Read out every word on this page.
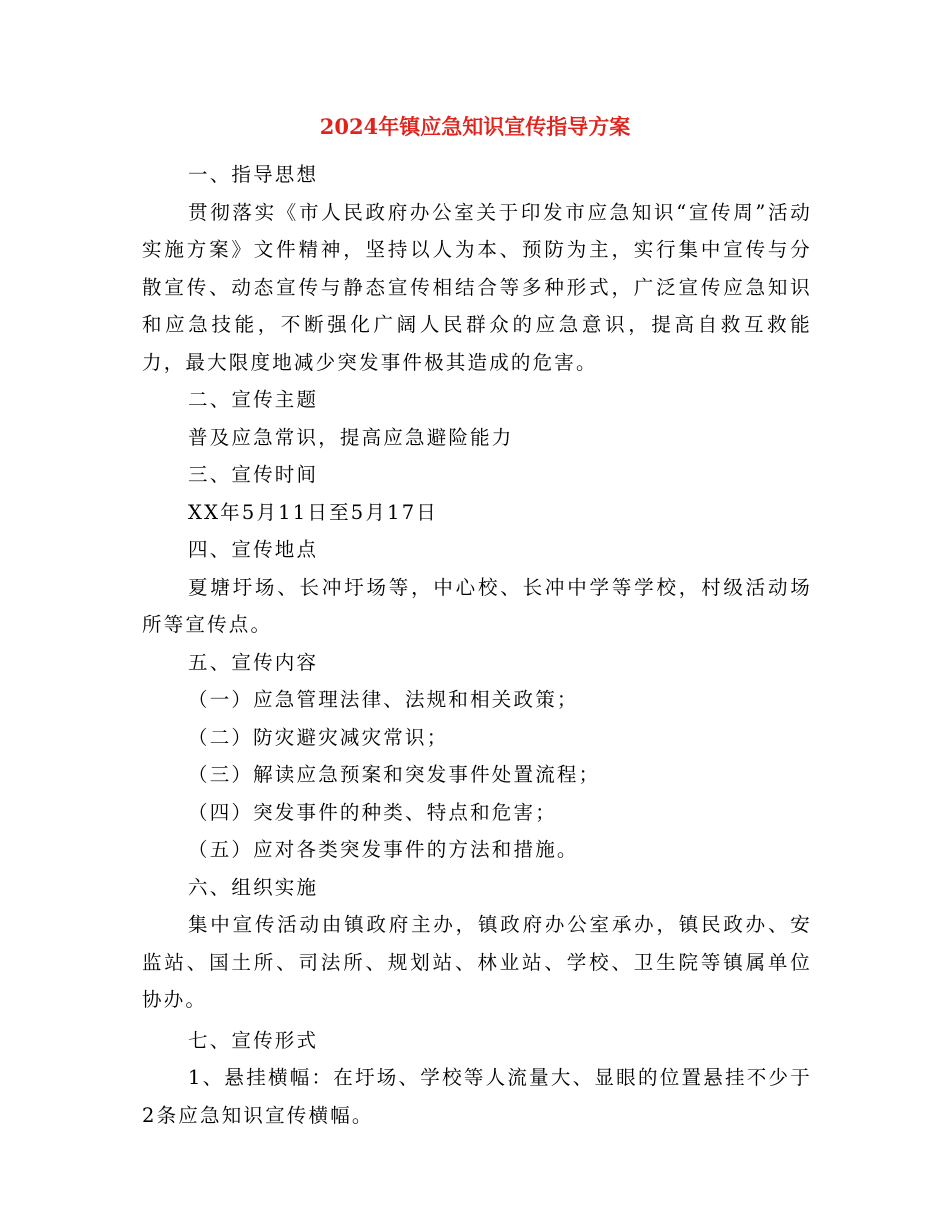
2024年镇应急知识宣传指导方案

一、指导思想

贯彻落实《市人民政府办公室关于印发市应急知识“宣传周”活动实施方案》文件精神，坚持以人为本、预防为主，实行集中宣传与分散宣传、动态宣传与静态宣传相结合等多种形式，广泛宣传应急知识和应急技能，不断强化广阔人民群众的应急意识，提高自救互救能力，最大限度地减少突发事件极其造成的危害。

二、宣传主题

普及应急常识，提高应急避险能力

三、宣传时间

XX年5月11日至5月17日

四、宣传地点

夏塘圩场、长冲圩场等，中心校、长冲中学等学校，村级活动场所等宣传点。

五、宣传内容

（一）应急管理法律、法规和相关政策；

（二）防灾避灾减灾常识；

（三）解读应急预案和突发事件处置流程；

（四）突发事件的种类、特点和危害；

（五）应对各类突发事件的方法和措施。

六、组织实施

集中宣传活动由镇政府主办，镇政府办公室承办，镇民政办、安监站、国土所、司法所、规划站、林业站、学校、卫生院等镇属单位协办。

七、宣传形式

1、悬挂横幅：在圩场、学校等人流量大、显眼的位置悬挂不少于2条应急知识宣传横幅。
